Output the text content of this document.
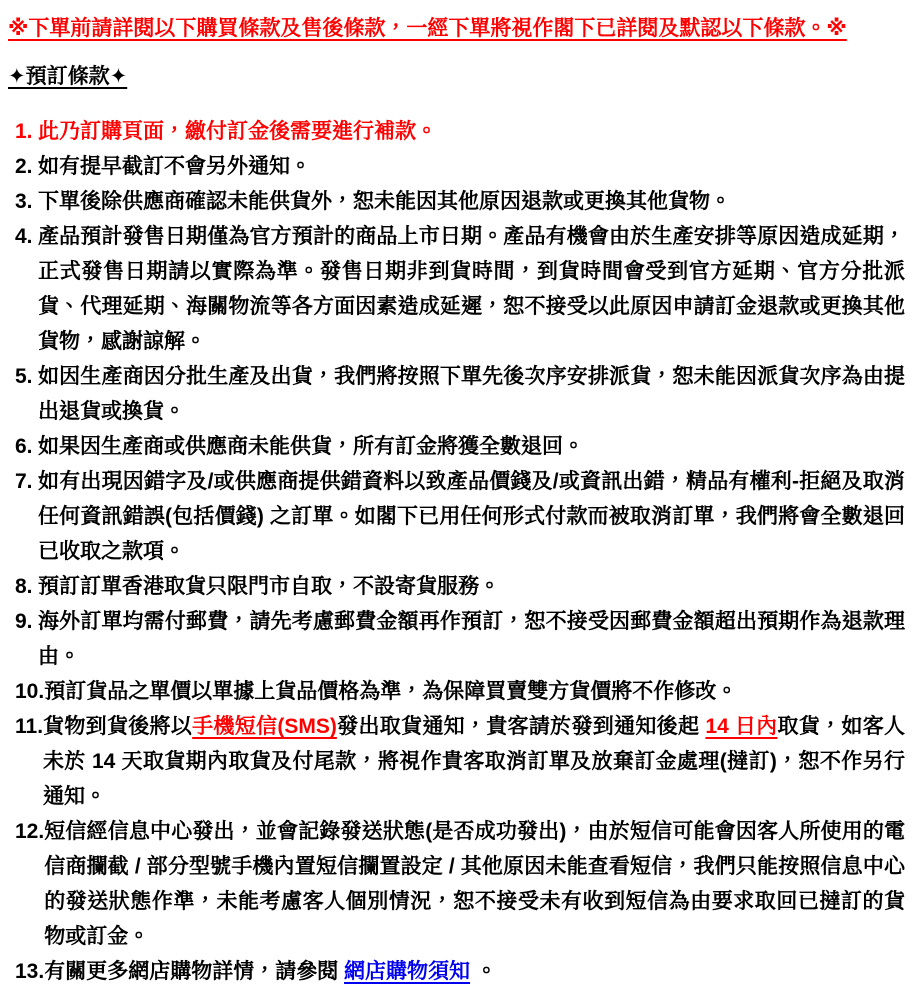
※下單前請詳閱以下購買條款及售後條款，一經下單將視作閣下已詳閱及默認以下條款。※
✦預訂條款✦
1. 此乃訂購頁面，繳付訂金後需要進行補款。
2. 如有提早截訂不會另外通知。
3. 下單後除供應商確認未能供貨外，恕未能因其他原因退款或更換其他貨物。
4. 產品預計發售日期僅為官方預計的商品上市日期。產品有機會由於生產安排等原因造成延期，正式發售日期請以實際為準。發售日期非到貨時間，到貨時間會受到官方延期、官方分批派貨、代理延期、海關物流等各方面因素造成延遲，恕不接受以此原因申請訂金退款或更換其他貨物，感謝諒解。
5. 如因生產商因分批生產及出貨，我們將按照下單先後次序安排派貨，恕未能因派貨次序為由提出退貨或換貨。
6. 如果因生產商或供應商未能供貨，所有訂金將獲全數退回。
7. 如有出現因錯字及/或供應商提供錯資料以致產品價錢及/或資訊出錯，精品有權利-拒絕及取消任何資訊錯誤(包括價錢) 之訂單。如閣下已用任何形式付款而被取消訂單，我們將會全數退回已收取之款項。
8. 預訂訂單香港取貨只限門市自取，不設寄貨服務。
9. 海外訂單均需付郵費，請先考慮郵費金額再作預訂，恕不接受因郵費金額超出預期作為退款理由。
10. 預訂貨品之單價以單據上貨品價格為準，為保障買賣雙方貨價將不作修改。
11. 貨物到貨後將以手機短信(SMS)發出取貨通知，貴客請於發到通知後起 14 日內取貨，如客人未於 14 天取貨期內取貨及付尾款，將視作貴客取消訂單及放棄訂金處理(撻訂)，恕不作另行通知。
12. 短信經信息中心發出，並會記錄發送狀態(是否成功發出)，由於短信可能會因客人所使用的電信商攔截 / 部分型號手機內置短信攔置設定 / 其他原因未能查看短信，我們只能按照信息中心的發送狀態作準，未能考慮客人個別情況，恕不接受未有收到短信為由要求取回已撻訂的貨物或訂金。
13. 有關更多網店購物詳情，請參閱 網店購物須知 。
